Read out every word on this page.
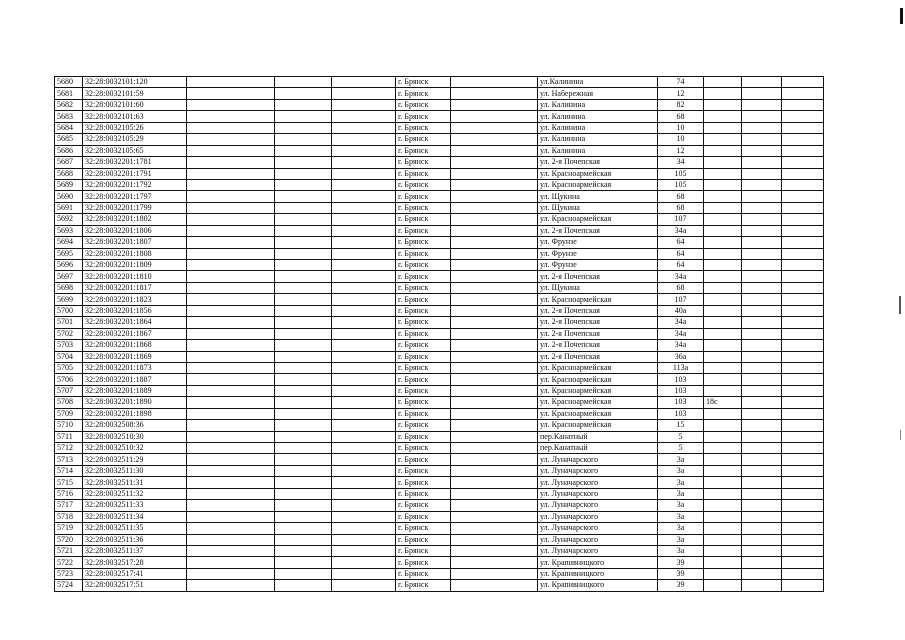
5680	32:28:0032101:120				г. Брянск		ул.Калинина	74			
5681	32:28:0032101:59				г. Брянск		ул. Набережная	12			
5682	32:28:0032101:60				г. Брянск		ул. Калинина	82			
5683	32:28:0032101:63				г. Брянск		ул. Калинина	68			
5684	32:28:0032105:26				г. Брянск		ул. Калинина	10			
5685	32:28:0032105:29				г. Брянск		ул. Калинина	10			
5686	32:28:0032105:65				г. Брянск		ул. Калинина	12			
5687	32:28:0032201:1781				г. Брянск		ул. 2-я Почепская	34			
5688	32:28:0032201:1791				г. Брянск		ул. Красноармейская	105			
5689	32:28:0032201:1792				г. Брянск		ул. Красноармейская	105			
5690	32:28:0032201:1797				г. Брянск		ул. Щукина	68			
5691	32:28:0032201:1799				г. Брянск		ул. Щукина	68			
5692	32:28:0032201:1802				г. Брянск		ул. Красноармейская	107			
5693	32:28:0032201:1806				г. Брянск		ул. 2-я Почепская	34а			
5694	32:28:0032201:1807				г. Брянск		ул. Фрунзе	64			
5695	32:28:0032201:1808				г. Брянск		ул. Фрунзе	64			
5696	32:28:0032201:1809				г. Брянск		ул. Фрунзе	64			
5697	32:28:0032201:1810				г. Брянск		ул. 2-я Почепская	34а			
5698	32:28:0032201:1817				г. Брянск		ул. Щукина	68			
5699	32:28:0032201:1823				г. Брянск		ул. Красноармейская	107			
5700	32:28:0032201:1856				г. Брянск		ул. 2-я Почепская	40а			
5701	32:28:0032201:1864				г. Брянск		ул. 2-я Почепская	34а			
5702	32:28:0032201:1867				г. Брянск		ул. 2-я Почепская	34а			
5703	32:28:0032201:1868				г. Брянск		ул. 2-я Почепская	34а			
5704	32:28:0032201:1869				г. Брянск		ул. 2-я Почепская	36а			
5705	32:28:0032201:1873				г. Брянск		ул. Красноармейская	113а			
5706	32:28:0032201:1887				г. Брянск		ул. Красноармейская	103			
5707	32:28:0032201:1889				г. Брянск		ул. Красноармейская	103			
5708	32:28:0032201:1890				г. Брянск		ул. Красноармейская	103	18с		
5709	32:28:0032201:1898				г. Брянск		ул. Красноармейская	103			
5710	32:28:0032508:36				г. Брянск		ул. Красноармейская	15			
5711	32:28:0032510:30				г. Брянск		пер.Канатный	5			
5712	32:28:0032510:32				г. Брянск		пер.Канатный	5			
5713	32:28:0032511:29				г. Брянск		ул. Луначарского	3а			
5714	32:28:0032511:30				г. Брянск		ул. Луначарского	3а			
5715	32:28:0032511:31				г. Брянск		ул. Луначарского	3а			
5716	32:28:0032511:32				г. Брянск		ул. Луначарского	3а			
5717	32:28:0032511:33				г. Брянск		ул. Луначарского	3а			
5718	32:28:0032511:34				г. Брянск		ул. Луначарского	3а			
5719	32:28:0032511:35				г. Брянск		ул. Луначарского	3а			
5720	32:28:0032511:36				г. Брянск		ул. Луначарского	3а			
5721	32:28:0032511:37				г. Брянск		ул. Луначарского	3а			
5722	32:28:0032517:28				г. Брянск		ул. Крапивницкого	39			
5723	32:28:0032517:41				г. Брянск		ул. Крапивницкого	39			
5724	32:28:0032517:51				г. Брянск		ул. Крапивницкого	39			
